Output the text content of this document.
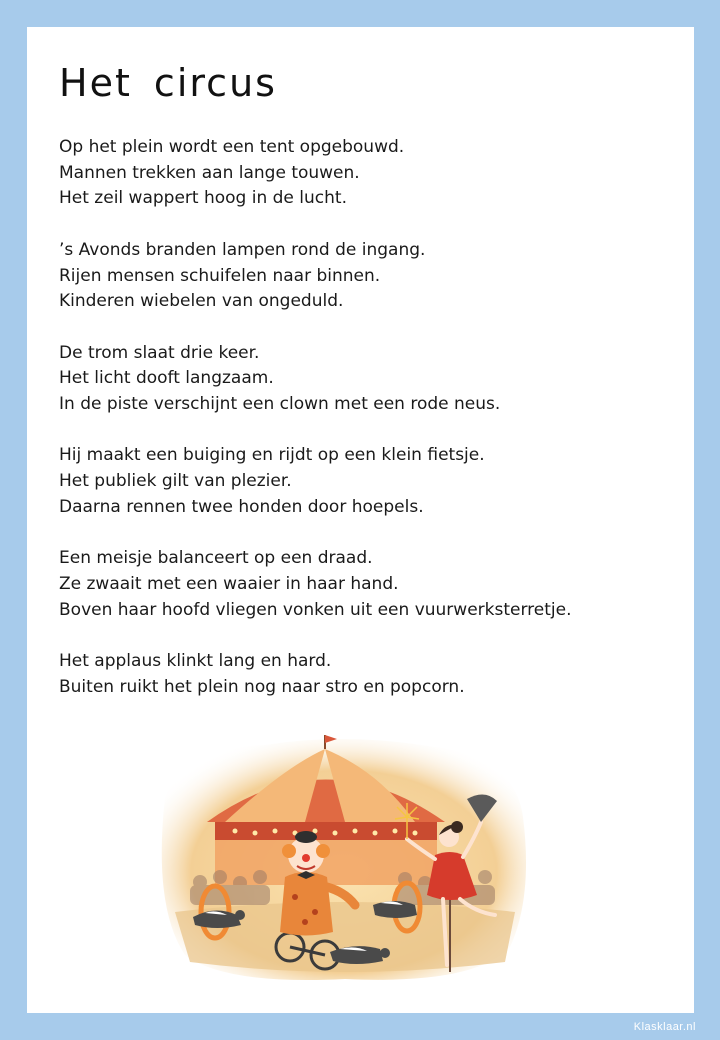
Het circus

Op het plein wordt een tent opgebouwd.
Mannen trekken aan lange touwen.
Het zeil wappert hoog in de lucht.

’s Avonds branden lampen rond de ingang.
Rijen mensen schuifelen naar binnen.
Kinderen wiebelen van ongeduld.

De trom slaat drie keer.
Het licht dooft langzaam.
In de piste verschijnt een clown met een rode neus.

Hij maakt een buiging en rijdt op een klein fietsje.
Het publiek gilt van plezier.
Daarna rennen twee honden door hoepels.

Een meisje balanceert op een draad.
Ze zwaait met een waaier in haar hand.
Boven haar hoofd vliegen vonken uit een vuurwerksterretje.

Het applaus klinkt lang en hard.
Buiten ruikt het plein nog naar stro en popcorn.

Klasklaar.nl
